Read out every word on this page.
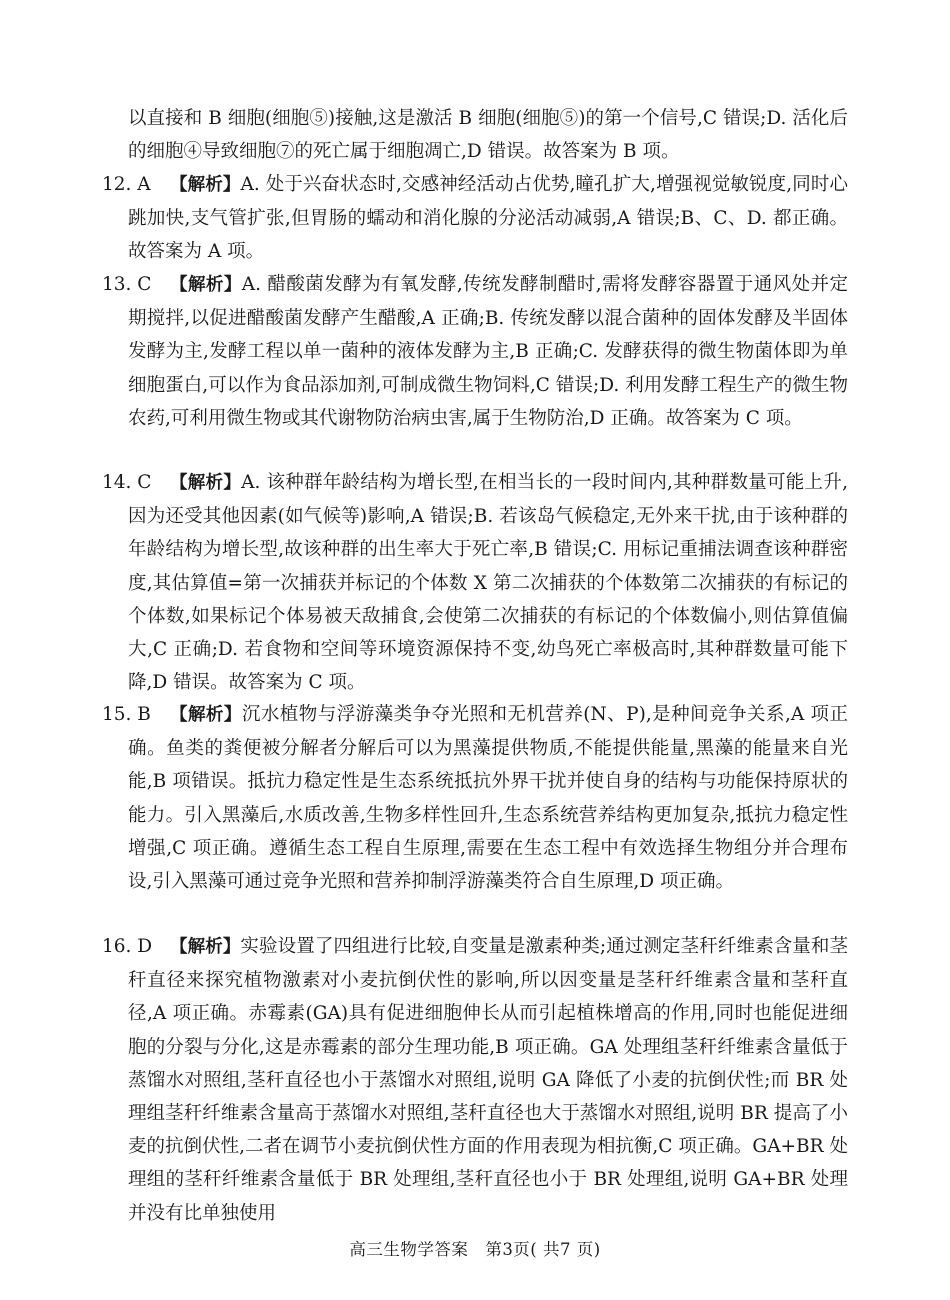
以直接和 B 细胞(细胞⑤)接触,这是激活 B 细胞(细胞⑤)的第一个信号,C 错误;D. 活化后的细胞④导致细胞⑦的死亡属于细胞凋亡,D 错误。故答案为 B 项。
12. A	【解析】A. 处于兴奋状态时,交感神经活动占优势,瞳孔扩大,增强视觉敏锐度,同时心跳加快,支气管扩张,但胃肠的蠕动和消化腺的分泌活动减弱,A 错误;B、C、D. 都正确。故答案为 A 项。
13. C	【解析】A. 醋酸菌发酵为有氧发酵,传统发酵制醋时,需将发酵容器置于通风处并定期搅拌,以促进醋酸菌发酵产生醋酸,A 正确;B. 传统发酵以混合菌种的固体发酵及半固体发酵为主,发酵工程以单一菌种的液体发酵为主,B 正确;C. 发酵获得的微生物菌体即为单细胞蛋白,可以作为食品添加剂,可制成微生物饲料,C 错误;D. 利用发酵工程生产的微生物农药,可利用微生物或其代谢物防治病虫害,属于生物防治,D 正确。故答案为 C 项。
14. C	【解析】A. 该种群年龄结构为增长型,在相当长的一段时间内,其种群数量可能上升,因为还受其他因素(如气候等)影响,A 错误;B. 若该岛气候稳定,无外来干扰,由于该种群的年龄结构为增长型,故该种群的出生率大于死亡率,B 错误;C. 用标记重捕法调查该种群密度,其估算值=第一次捕获并标记的个体数 X 第二次捕获的个体数第二次捕获的有标记的个体数,如果标记个体易被天敌捕食,会使第二次捕获的有标记的个体数偏小,则估算值偏大,C 正确;D. 若食物和空间等环境资源保持不变,幼鸟死亡率极高时,其种群数量可能下降,D 错误。故答案为 C 项。
15. B	【解析】沉水植物与浮游藻类争夺光照和无机营养(N、P),是种间竞争关系,A 项正确。鱼类的粪便被分解者分解后可以为黑藻提供物质,不能提供能量,黑藻的能量来自光能,B 项错误。抵抗力稳定性是生态系统抵抗外界干扰并使自身的结构与功能保持原状的能力。引入黑藻后,水质改善,生物多样性回升,生态系统营养结构更加复杂,抵抗力稳定性增强,C 项正确。遵循生态工程自生原理,需要在生态工程中有效选择生物组分并合理布设,引入黑藻可通过竞争光照和营养抑制浮游藻类符合自生原理,D 项正确。
16. D	【解析】实验设置了四组进行比较,自变量是激素种类;通过测定茎秆纤维素含量和茎秆直径来探究植物激素对小麦抗倒伏性的影响,所以因变量是茎秆纤维素含量和茎秆直径,A 项正确。赤霉素(GA)具有促进细胞伸长从而引起植株增高的作用,同时也能促进细胞的分裂与分化,这是赤霉素的部分生理功能,B 项正确。GA 处理组茎秆纤维素含量低于蒸馏水对照组,茎秆直径也小于蒸馏水对照组,说明 GA 降低了小麦的抗倒伏性;而 BR 处理组茎秆纤维素含量高于蒸馏水对照组,茎秆直径也大于蒸馏水对照组,说明 BR 提高了小麦的抗倒伏性,二者在调节小麦抗倒伏性方面的作用表现为相抗衡,C 项正确。GA+BR 处理组的茎秆纤维素含量低于 BR 处理组,茎秆直径也小于 BR 处理组,说明 GA+BR 处理并没有比单独使用
高三生物学答案　第3页( 共7 页)
